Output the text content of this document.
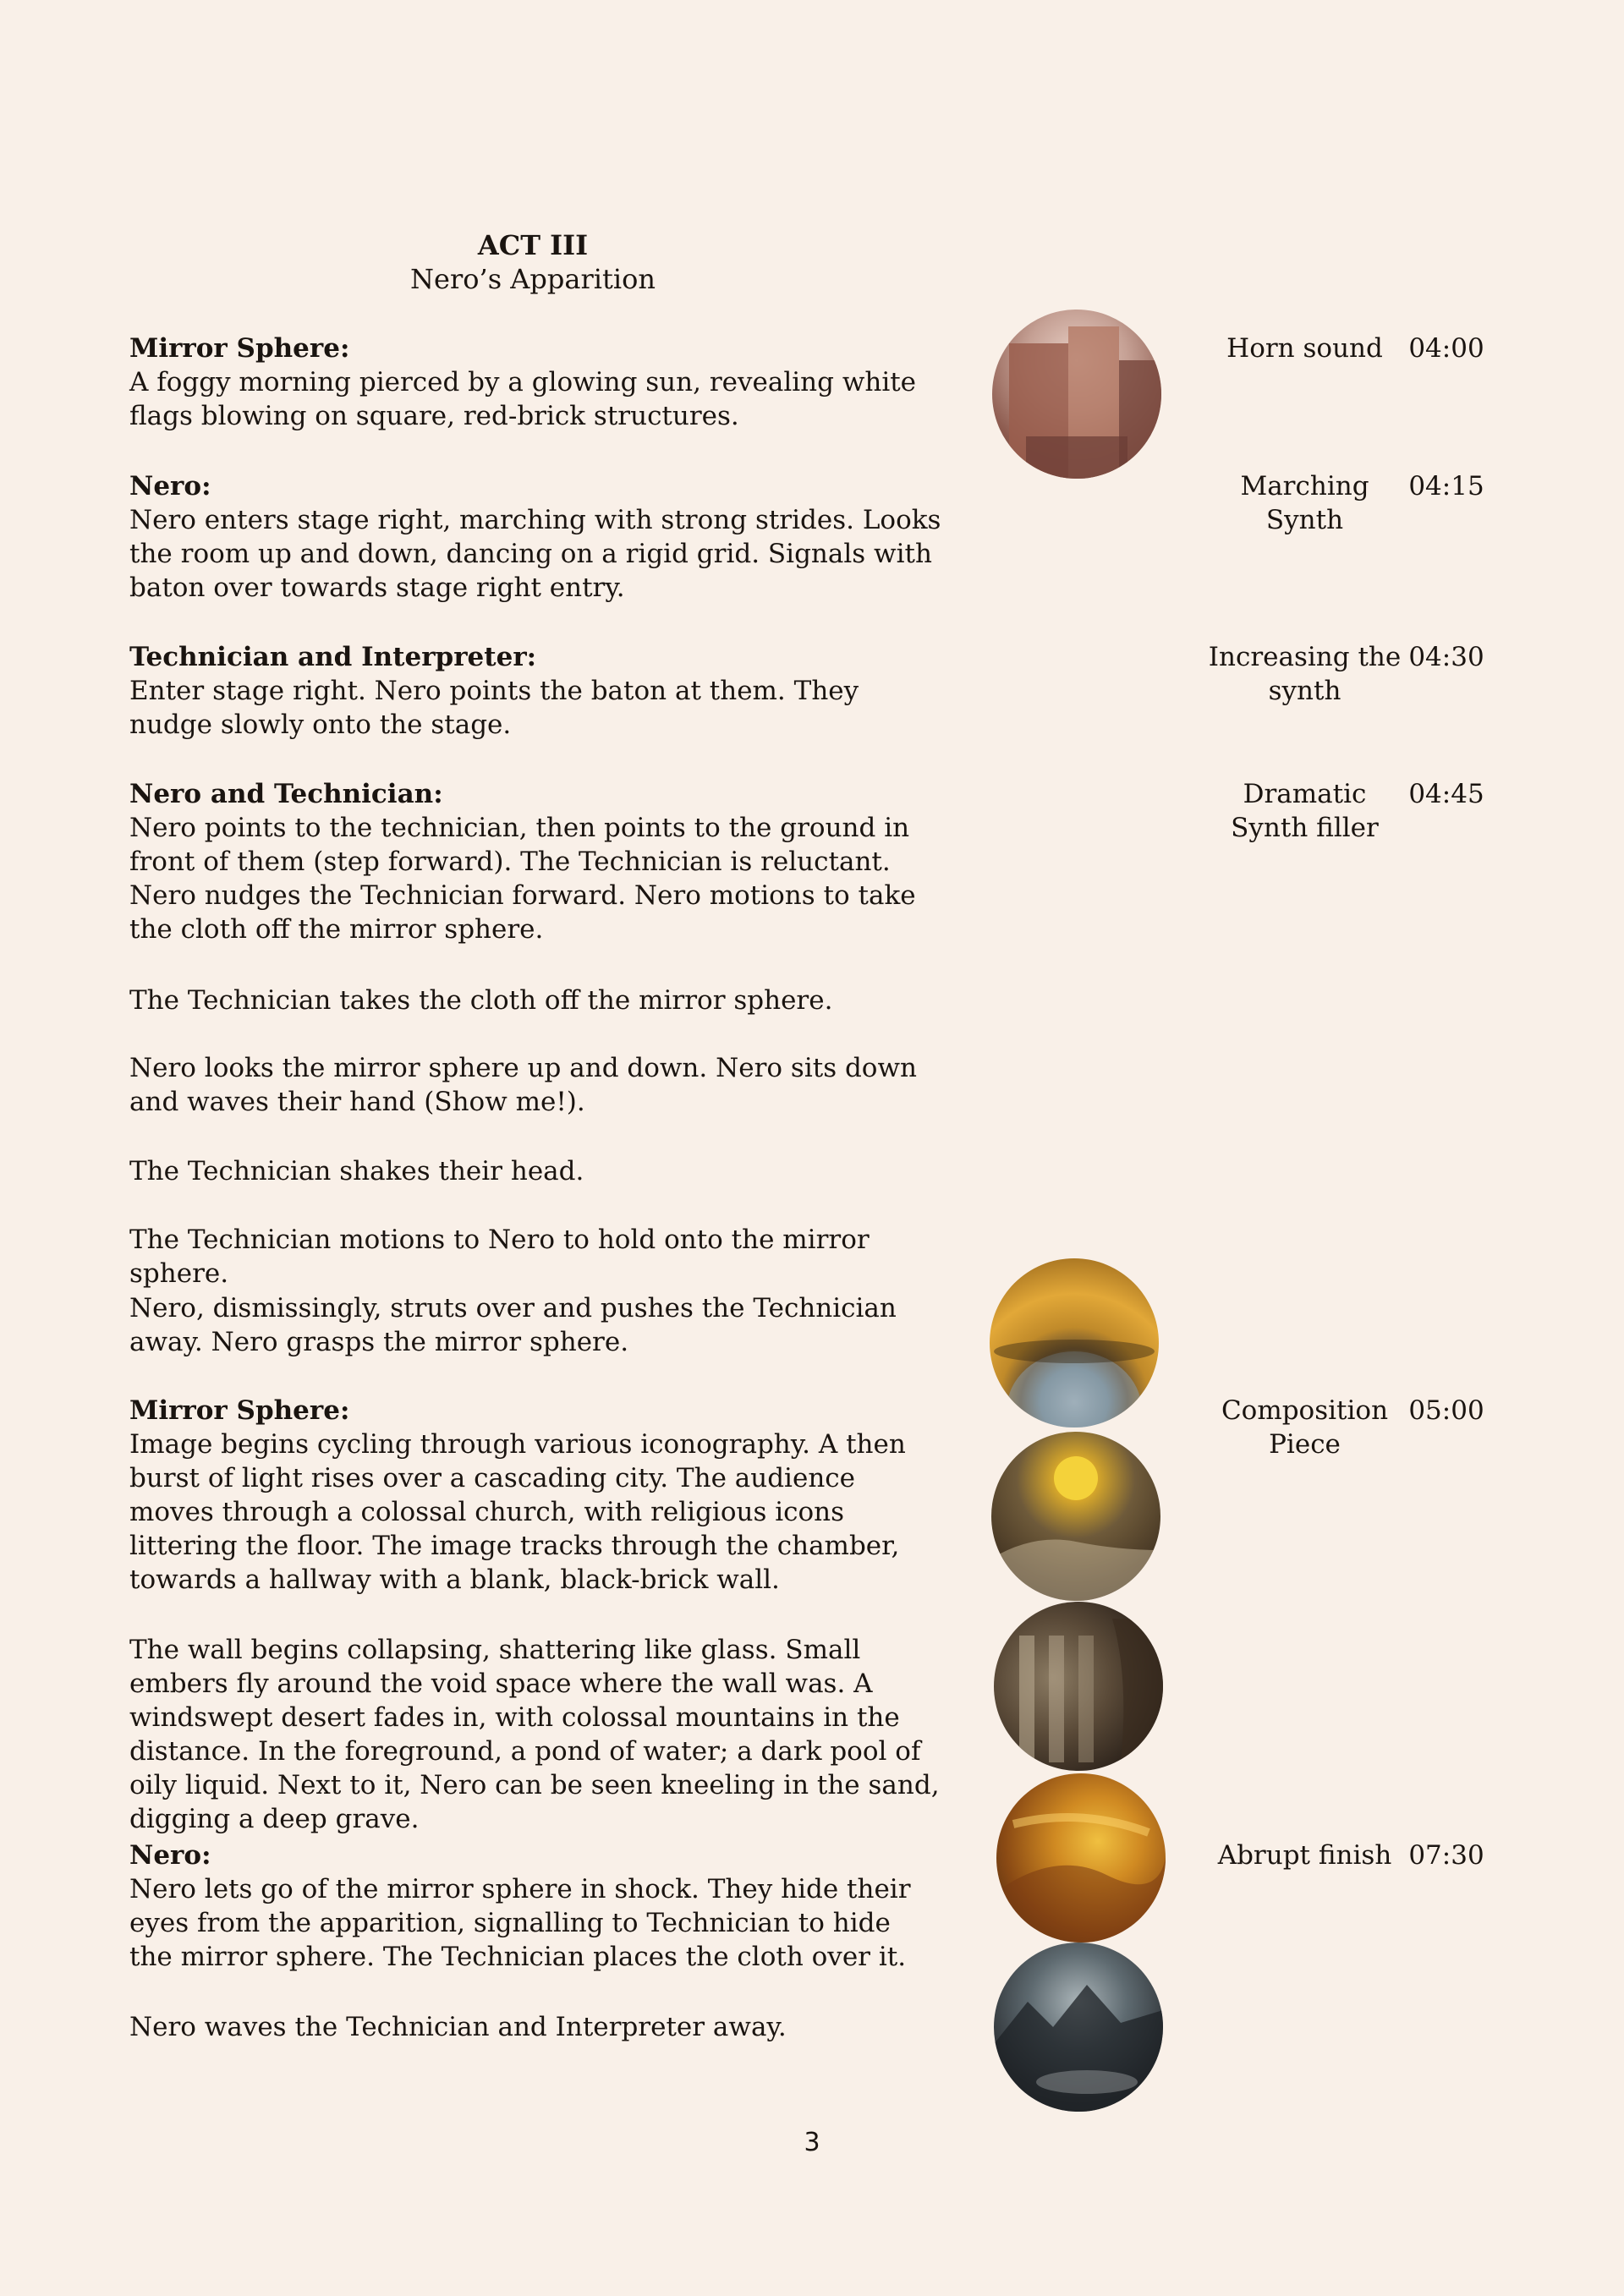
ACT III
Nero’s Apparition
Mirror Sphere:
A foggy morning pierced by a glowing sun, revealing white flags blowing on square, red-brick structures.
Nero:
Nero enters stage right, marching with strong strides. Looks the room up and down, dancing on a rigid grid. Signals with baton over towards stage right entry.
Technician and Interpreter:
Enter stage right. Nero points the baton at them. They nudge slowly onto the stage.
Nero and Technician:
Nero points to the technician, then points to the ground in front of them (step forward). The Technician is reluctant. Nero nudges the Technician forward. Nero motions to take the cloth off the mirror sphere.
The Technician takes the cloth off the mirror sphere.
Nero looks the mirror sphere up and down. Nero sits down and waves their hand (Show me!).
The Technician shakes their head.
The Technician motions to Nero to hold onto the mirror sphere.
Nero, dismissingly, struts over and pushes the Technician away. Nero grasps the mirror sphere.
Mirror Sphere:
Image begins cycling through various iconography. A then burst of light rises over a cascading city. The audience moves through a colossal church, with religious icons littering the floor. The image tracks through the chamber, towards a hallway with a blank, black-brick wall.
The wall begins collapsing, shattering like glass. Small embers fly around the void space where the wall was. A windswept desert fades in, with colossal mountains in the distance. In the foreground, a pond of water; a dark pool of oily liquid. Next to it, Nero can be seen kneeling in the sand, digging a deep grave.
Nero:
Nero lets go of the mirror sphere in shock. They hide their eyes from the apparition, signalling to Technician to hide the mirror sphere. The Technician places the cloth over it.
Nero waves the Technician and Interpreter away.
Horn sound 04:00
Marching Synth
04:15
Increasing the synth
04:30
Dramatic Synth filler
04:45
Composition Piece
05:00
Abrupt finish 07:30
3
